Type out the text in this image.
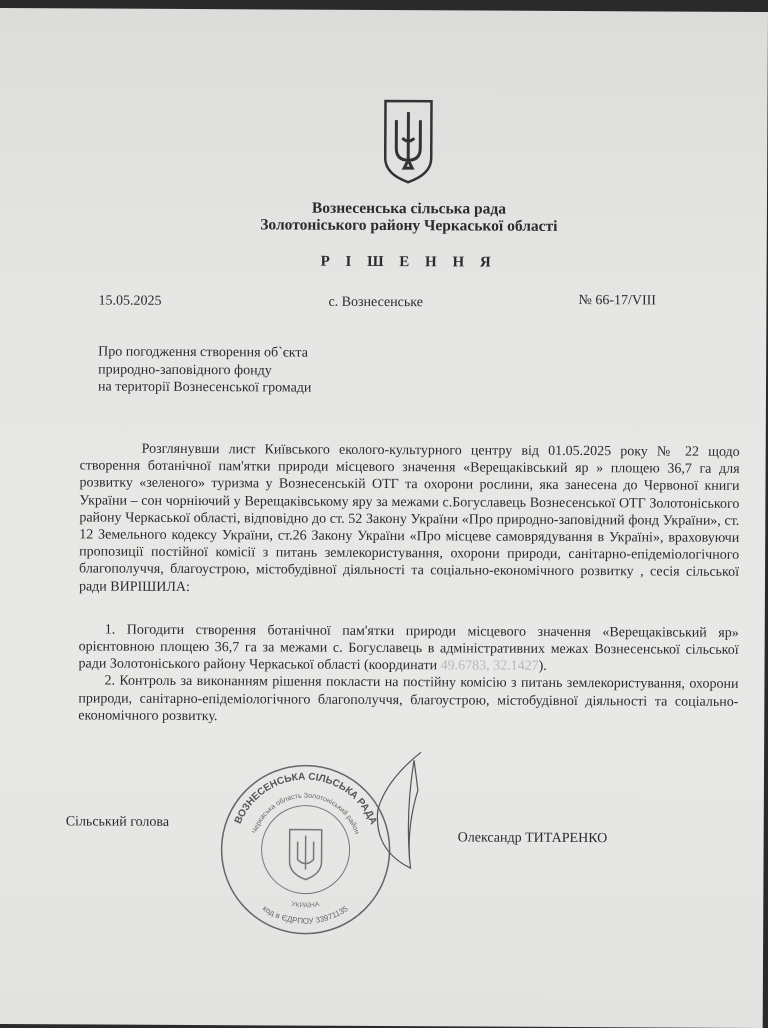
Вознесенська сільська рада
Золотоніського району Черкаської області
Р І Ш Е Н Н Я
15.05.2025	с. Вознесенське	№ 66-17/VIII
Про погодження створення об`єкта
природно-заповідного фонду
на території Вознесенської громади

Розглянувши лист Київського еколого-культурного центру від 01.05.2025 року № 22 щодо створення ботанічної пам'ятки природи місцевого значення «Верещаківський яр » площею 36,7 га для розвитку «зеленого» туризма у Вознесенській ОТГ та охорони рослини, яка занесена до Червоної книги України – сон чорніючий у Верещаківському яру за межами с.Богуславець Вознесенської ОТГ Золотоніського району Черкаської області, відповідно до ст. 52 Закону України «Про природно-заповідний фонд України», ст. 12 Земельного кодексу України, ст.26 Закону України «Про місцеве самоврядування в Україні», враховуючи пропозиції постійної комісії з питань землекористування, охорони природи, санітарно-епідеміологічного благополуччя, благоустрою, містобудівної діяльності та соціально-економічного розвитку , сесія сільської ради ВИРІШИЛА:

1. Погодити створення ботанічної пам'ятки природи місцевого значення «Верещаківський яр» орієнтовною площею 36,7 га за межами с. Богуславець в адміністративних межах Вознесенської сільської ради Золотоніського району Черкаської області (координати 49.6783, 32.1427).

2. Контроль за виконанням рішення покласти на постійну комісію з питань землекористування, охорони природи, санітарно-епідеміологічного благополуччя, благоустрою, містобудівної діяльності та соціально-економічного розвитку.

Сільський голова
Олександр ТИТАРЕНКО
ВОЗНЕСЕНСЬКА СІЛЬСЬКА РАДА
Черкаська область Золотоніський район
код в ЄДРПОУ 33971135
УКРАЇНА
